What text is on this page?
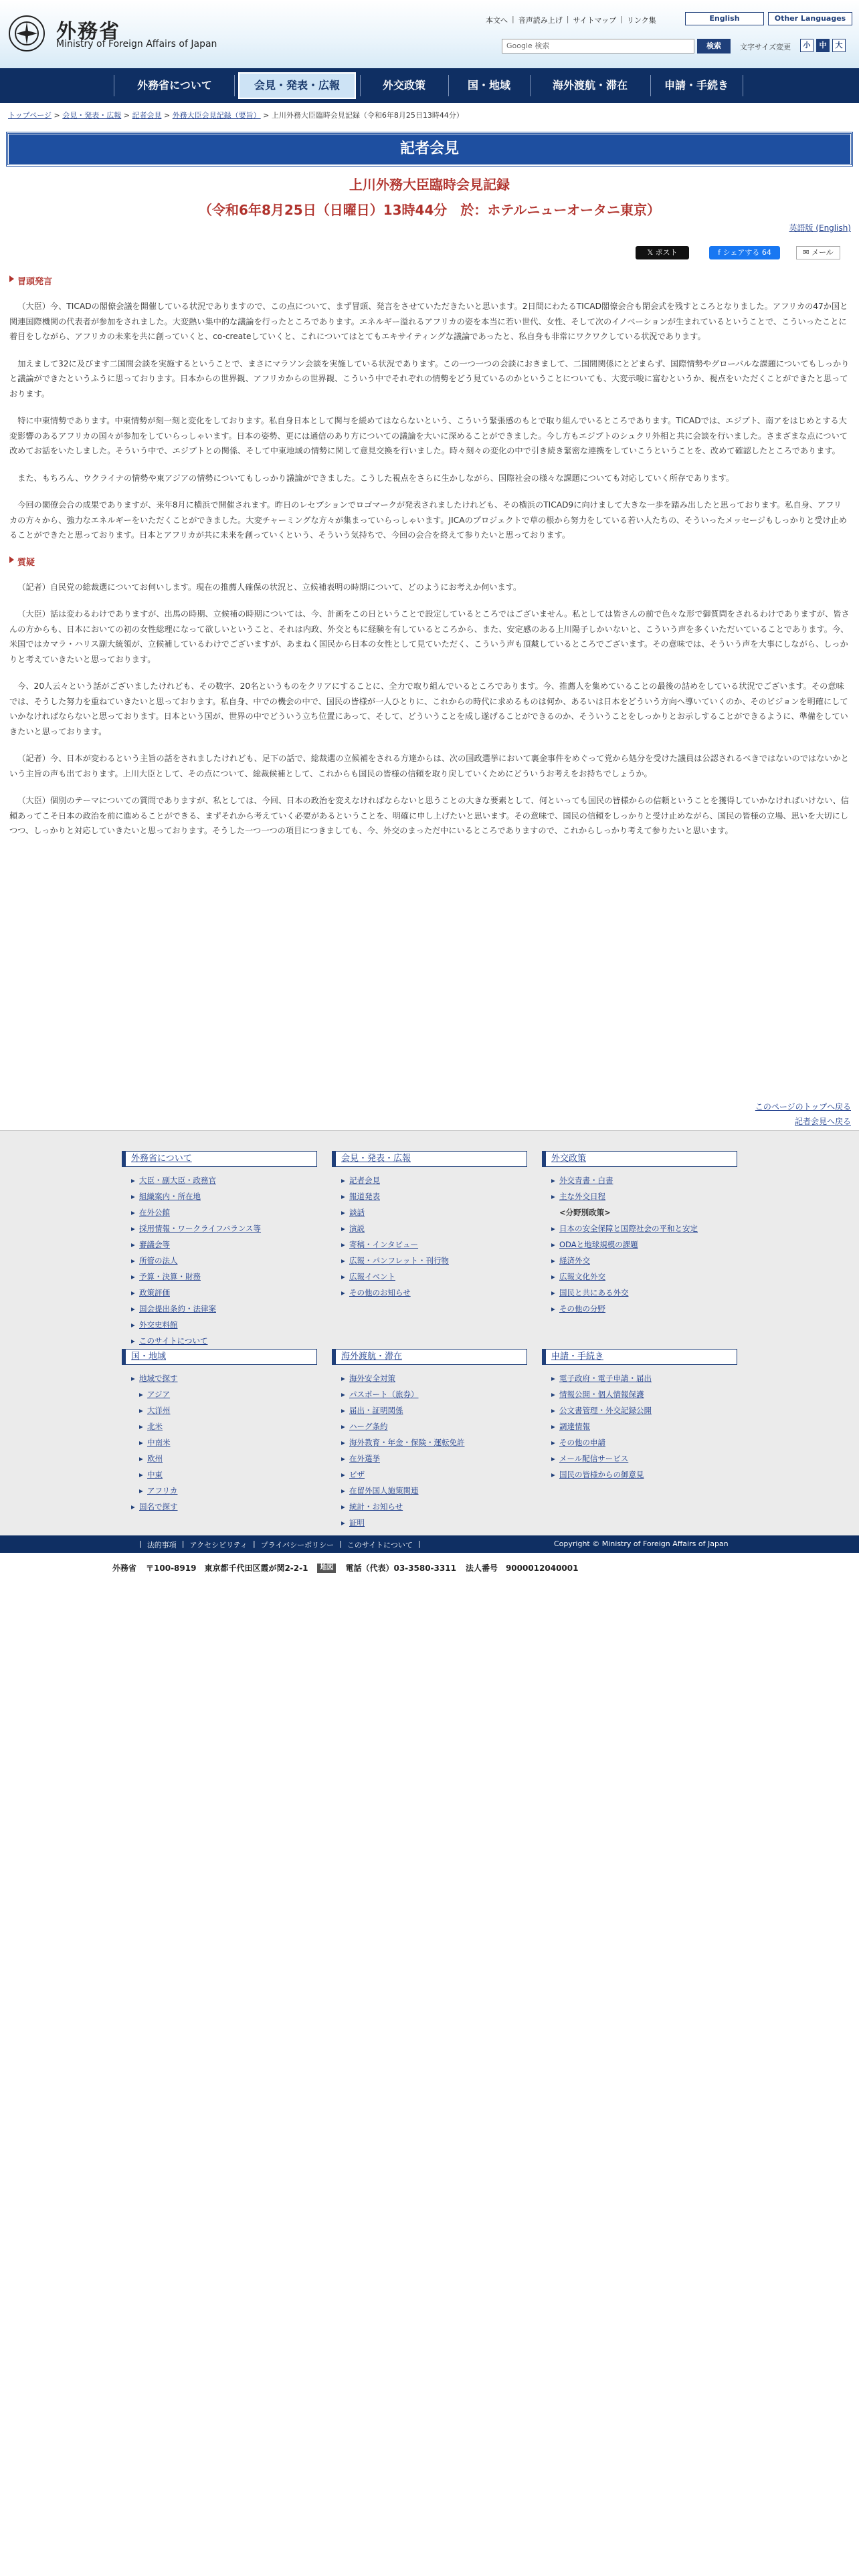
外務省
Ministry of Foreign Affairs of Japan
本文へ | 音声読み上げ | サイトマップ | リンク集	English	Other Languages
Google 検索	検索	文字サイズ変更	小	中	大
外務省について	会見・発表・広報	外交政策	国・地域	海外渡航・滞在	申請・手続き
トップページ > 会見・発表・広報 > 記者会見 > 外務大臣会見記録（要旨） > 上川外務大臣臨時会見記録（令和6年8月25日13時44分）
記者会見
上川外務大臣臨時会見記録
（令和6年8月25日（日曜日）13時44分　於：ホテルニューオータニ東京）
英語版 (English)
𝕏 ポスト	f シェアする 64	✉ メール
冒頭発言

（大臣）今、TICADの閣僚会議を開催している状況でありますので、この点について、まず冒頭、発言をさせていただきたいと思います。2日間にわたるTICAD閣僚会合も閉会式を残すところとなりました。アフリカの47か国と関連国際機関の代表者が参加をされました。大変熱い集中的な議論を行ったところであります。エネルギー溢れるアフリカの姿を本当に若い世代、女性、そして次のイノベーションが生まれているということで、こういったことに着目をしながら、アフリカの未来を共に創っていくと、co-createしていくと、これについてはとてもエキサイティングな議論であったと、私自身も非常にワクワクしている状況であります。

加えまして32に及びます二国間会談を実施するということで、まさにマラソン会談を実施している状況であります。この一つ一つの会談におきまして、二国間関係にとどまらず、国際情勢やグローバルな課題についてもしっかりと議論ができたというふうに思っております。日本からの世界観、アフリカからの世界観、こういう中でそれぞれの情勢をどう見ているのかということについても、大変示唆に富むというか、視点をいただくことができたと思っております。

特に中東情勢であります。中東情勢が刻一刻と変化をしております。私自身日本として関与を緩めてはならないという、こういう緊張感のもとで取り組んでいるところであります。TICADでは、エジプト、南アをはじめとする大変影響のあるアフリカの国々が参加をしていらっしゃいます。日本の姿勢、更には通信のあり方についての議論を大いに深めることができました。今し方もエジプトのシュクリ外相と共に会談を行いました。さまざまな点について改めてお話をいたしました。そういう中で、エジプトとの関係、そして中東地域の情勢に関して意見交換を行いました。時々刻々の変化の中で引き続き緊密な連携をしていこうということを、改めて確認したところであります。

また、もちろん、ウクライナの情勢や東アジアの情勢についてもしっかり議論ができました。こうした視点をさらに生かしながら、国際社会の様々な課題についても対応していく所存であります。

今回の閣僚会合の成果でありますが、来年8月に横浜で開催されます。昨日のレセプションでロゴマークが発表されましたけれども、その横浜のTICAD9に向けまして大きな一歩を踏み出したと思っております。私自身、アフリカの方々から、強力なエネルギーをいただくことができました。大変チャーミングな方々が集まっていらっしゃいます。JICAのプロジェクトで草の根から努力をしている若い人たちの、そういったメッセージもしっかりと受け止めることができたと思っております。日本とアフリカが共に未来を創っていくという、そういう気持ちで、今回の会合を終えて参りたいと思っております。

質疑

（記者）自民党の総裁選についてお伺いします。現在の推薦人確保の状況と、立候補表明の時期について、どのようにお考えか伺います。

（大臣）話は変わるわけでありますが、出馬の時期、立候補の時期については、今、計画をこの日ということで設定しているところではございません。私としては皆さんの前で色々な形で御質問をされるわけでありますが、皆さんの方からも、日本においての初の女性総理になって欲しいということ、それは内政、外交ともに経験を有しているところから、また、安定感のある上川陽子しかいないと、こういう声を多くいただいていることであります。今、米国ではカマラ・ハリス副大統領が、立候補しているわけでございますが、あまねく国民から日本の女性として見ていただく、こういう声も頂戴しているところでございます。その意味では、そういう声を大事にしながら、しっかりと考えていきたいと思っております。

今、20人云々という話がございましたけれども、その数字、20名というものをクリアにすることに、全力で取り組んでいるところであります。今、推薦人を集めていることの最後の詰めをしている状況でございます。その意味では、そうした努力を重ねていきたいと思っております。私自身、中での機会の中で、国民の皆様が一人ひとりに、これからの時代に求めるものは何か、あるいは日本をどういう方向へ導いていくのか、そのビジョンを明確にしていかなければならないと思っております。日本という国が、世界の中でどういう立ち位置にあって、そして、どういうことを成し遂げることができるのか、そういうことをしっかりとお示しすることができるように、準備をしていきたいと思っております。

（記者）今、日本が変わるという主旨の話をされましたけれども、足下の話で、総裁選の立候補をされる方達からは、次の国政選挙において裏金事件をめぐって党から処分を受けた議員は公認されるべきではないのではないかという主旨の声も出ております。上川大臣として、その点について、総裁候補として、これからも国民の皆様の信頼を取り戻していくためにどういうお考えをお持ちでしょうか。

（大臣）個別のテーマについての質問でありますが、私としては、今回、日本の政治を変えなければならないと思うことの大きな要素として、何といっても国民の皆様からの信頼ということを獲得していかなければいけない、信頼あってこそ日本の政治を前に進めることができる、まずそれから考えていく必要があるということを、明確に申し上げたいと思います。その意味で、国民の信頼をしっかりと受け止めながら、国民の皆様の立場、思いを大切にしつつ、しっかりと対応していきたいと思っております。そうした一つ一つの項目につきましても、今、外交のまっただ中にいるところでありますので、これからしっかり考えて参りたいと思います。

このページのトップへ戻る
記者会見へ戻る
外務省について
▸ 大臣・副大臣・政務官
▸ 組織案内・所在地
▸ 在外公館
▸ 採用情報・ワークライフバランス等
▸ 審議会等
▸ 所管の法人
▸ 予算・決算・財務
▸ 政策評価
▸ 国会提出条約・法律案
▸ 外交史料館
▸ このサイトについて
会見・発表・広報
▸ 記者会見
▸ 報道発表
▸ 談話
▸ 演説
▸ 寄稿・インタビュー
▸ 広報・パンフレット・刊行物
▸ 広報イベント
▸ その他のお知らせ
外交政策
▸ 外交青書・白書
▸ 主な外交日程
<分野別政策>
▸ 日本の安全保障と国際社会の平和と安定
▸ ODAと地球規模の課題
▸ 経済外交
▸ 広報文化外交
▸ 国民と共にある外交
▸ その他の分野
国・地域
▸ 地域で探す
▸ アジア
▸ 大洋州
▸ 北米
▸ 中南米
▸ 欧州
▸ 中東
▸ アフリカ
▸ 国名で探す
海外渡航・滞在
▸ 海外安全対策
▸ パスポート（旅券）
▸ 届出・証明関係
▸ ハーグ条約
▸ 海外教育・年金・保険・運転免許
▸ 在外選挙
▸ ビザ
▸ 在留外国人施策関連
▸ 統計・お知らせ
▸ 証明
申請・手続き
▸ 電子政府・電子申請・届出
▸ 情報公開・個人情報保護
▸ 公文書管理・外交記録公開
▸ 調達情報
▸ その他の申請
▸ メール配信サービス
▸ 国民の皆様からの御意見
| 法的事項 | アクセシビリティ | プライバシーポリシー | このサイトについて |	Copyright © Ministry of Foreign Affairs of Japan
外務省 〒100-8919　東京都千代田区霞が関2-2-1	地図	電話（代表）03-3580-3311 法人番号　9000012040001
